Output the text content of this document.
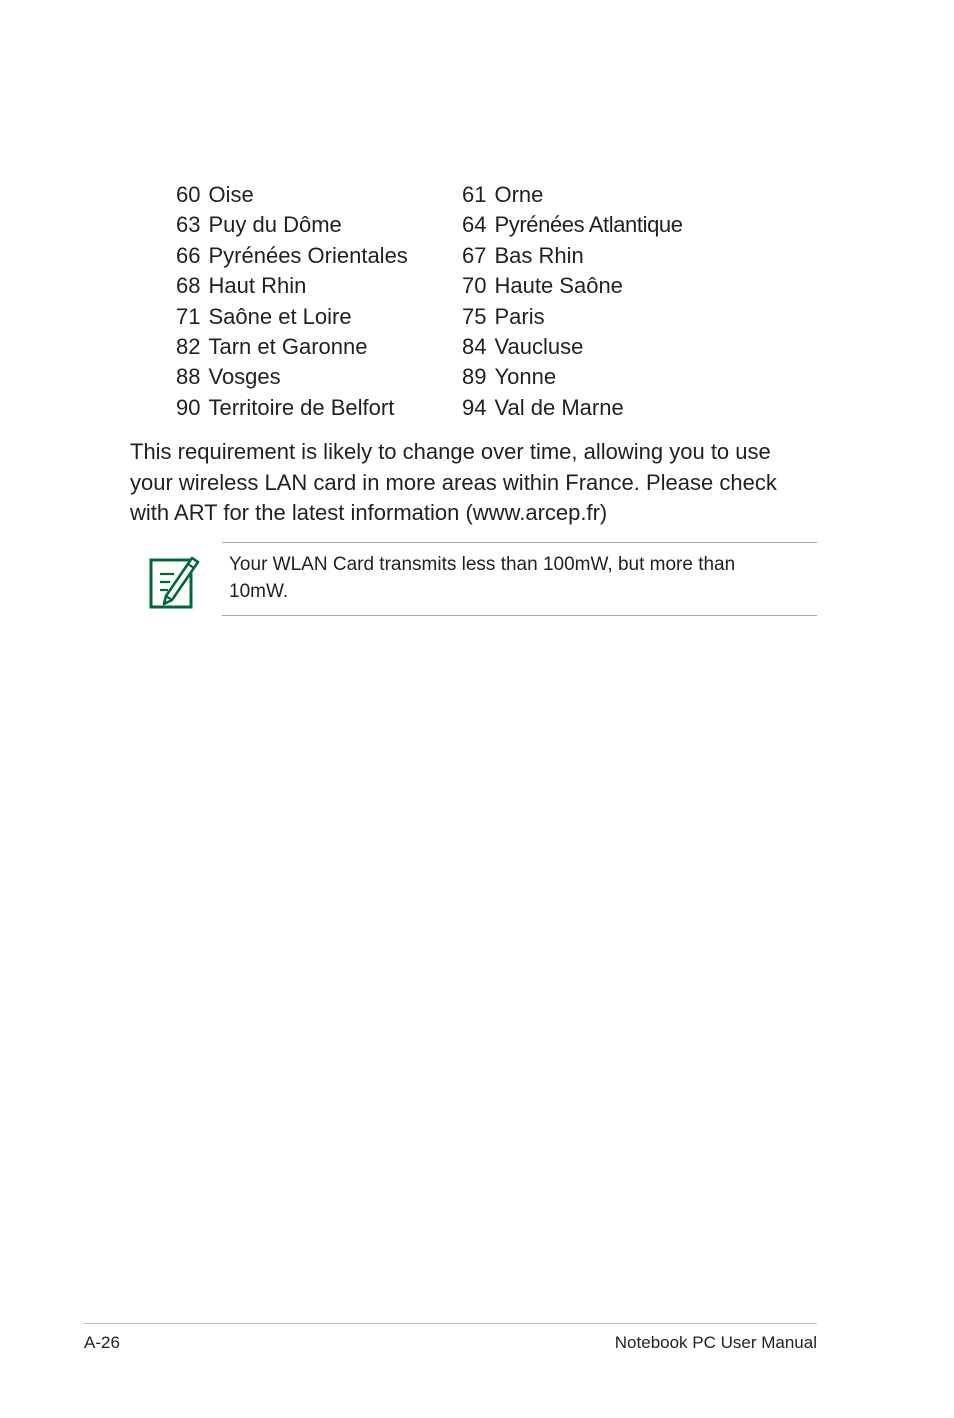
60 Oise	61 Orne
63 Puy du Dôme	64 Pyrénées Atlantique
66 Pyrénées Orientales 67 Bas Rhin
68 Haut Rhin	70 Haute Saône
71 Saône et Loire	75 Paris
82 Tarn et Garonne	84 Vaucluse
88 Vosges	89 Yonne
90 Territoire de Belfort	94 Val de Marne
This requirement is likely to change over time, allowing you to use
your wireless LAN card in more areas within France. Please check
with ART for the latest information (www.arcep.fr)
Your WLAN Card transmits less than 100mW, but more than
10mW.
A-26	Notebook PC User Manual
